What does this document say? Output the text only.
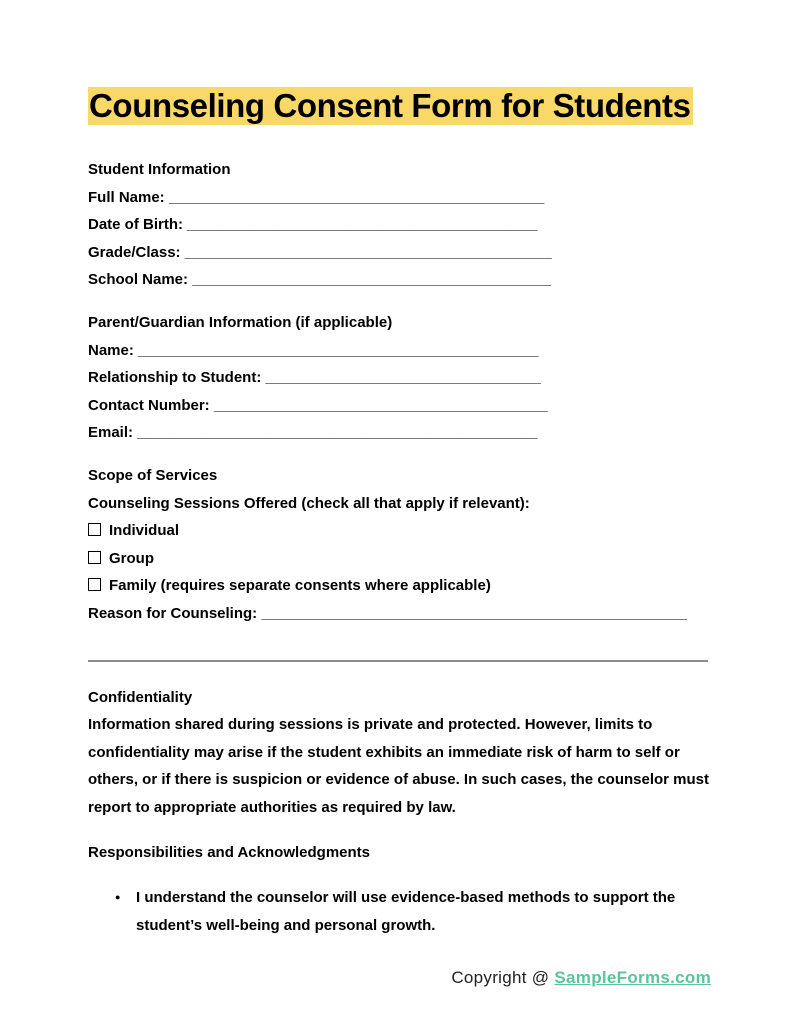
Counseling Consent Form for Students
Student Information
Full Name: _____________________________________________
Date of Birth: __________________________________________
Grade/Class: ____________________________________________
School Name: ___________________________________________
Parent/Guardian Information (if applicable)
Name: ________________________________________________
Relationship to Student: _________________________________
Contact Number: ________________________________________
Email: ________________________________________________
Scope of Services
Counseling Sessions Offered (check all that apply if relevant):
Individual
Group
Family (requires separate consents where applicable)
Reason for Counseling: ___________________________________________________
Confidentiality
Information shared during sessions is private and protected. However, limits to confidentiality may arise if the student exhibits an immediate risk of harm to self or others, or if there is suspicion or evidence of abuse. In such cases, the counselor must report to appropriate authorities as required by law.
Responsibilities and Acknowledgments
●	I understand the counselor will use evidence-based methods to support the student’s well-being and personal growth.
Copyright @ SampleForms.com
